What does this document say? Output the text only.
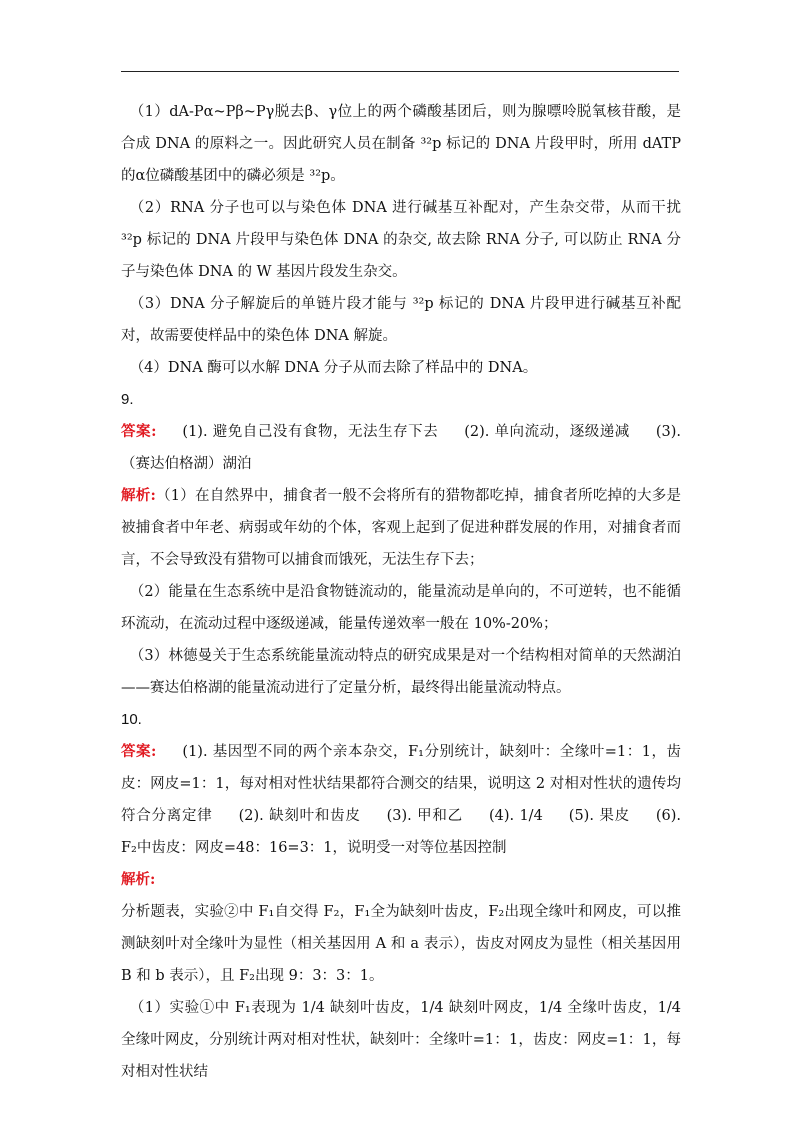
（1）dA-Pα~Pβ~Pγ脱去β、γ位上的两个磷酸基团后，则为腺嘌呤脱氧核苷酸，是合成 DNA 的原料之一。因此研究人员在制备 ³²p 标记的 DNA 片段甲时，所用 dATP 的α位磷酸基团中的磷必须是 ³²p。

（2）RNA 分子也可以与染色体 DNA 进行碱基互补配对，产生杂交带，从而干扰 ³²p 标记的 DNA 片段甲与染色体 DNA 的杂交, 故去除 RNA 分子, 可以防止 RNA 分子与染色体 DNA 的 W 基因片段发生杂交。

（3）DNA 分子解旋后的单链片段才能与 ³²p 标记的 DNA 片段甲进行碱基互补配对，故需要使样品中的染色体 DNA 解旋。

（4）DNA 酶可以水解 DNA 分子从而去除了样品中的 DNA。

9.

答案: (1). 避免自己没有食物，无法生存下去 (2). 单向流动，逐级递减 (3). （赛达伯格湖）湖泊

解析:（1）在自然界中，捕食者一般不会将所有的猎物都吃掉，捕食者所吃掉的大多是被捕食者中年老、病弱或年幼的个体，客观上起到了促进种群发展的作用，对捕食者而言，不会导致没有猎物可以捕食而饿死，无法生存下去；

（2）能量在生态系统中是沿食物链流动的，能量流动是单向的，不可逆转，也不能循环流动，在流动过程中逐级递减，能量传递效率一般在 10%-20%；

（3）林德曼关于生态系统能量流动特点的研究成果是对一个结构相对简单的天然湖泊——赛达伯格湖的能量流动进行了定量分析，最终得出能量流动特点。

10.

答案: (1). 基因型不同的两个亲本杂交，F₁分别统计，缺刻叶：全缘叶=1：1，齿皮：网皮=1：1，每对相对性状结果都符合测交的结果，说明这 2 对相对性状的遗传均符合分离定律 (2). 缺刻叶和齿皮 (3). 甲和乙 (4). 1/4 (5). 果皮 (6). F₂中齿皮：网皮=48：16=3：1，说明受一对等位基因控制

解析:

分析题表，实验②中 F₁自交得 F₂，F₁全为缺刻叶齿皮，F₂出现全缘叶和网皮，可以推测缺刻叶对全缘叶为显性（相关基因用 A 和 a 表示），齿皮对网皮为显性（相关基因用 B 和 b 表示），且 F₂出现 9：3：3：1。

（1）实验①中 F₁表现为 1/4 缺刻叶齿皮，1/4 缺刻叶网皮，1/4 全缘叶齿皮，1/4 全缘叶网皮，分别统计两对相对性状，缺刻叶：全缘叶=1：1，齿皮：网皮=1：1，每对相对性状结
